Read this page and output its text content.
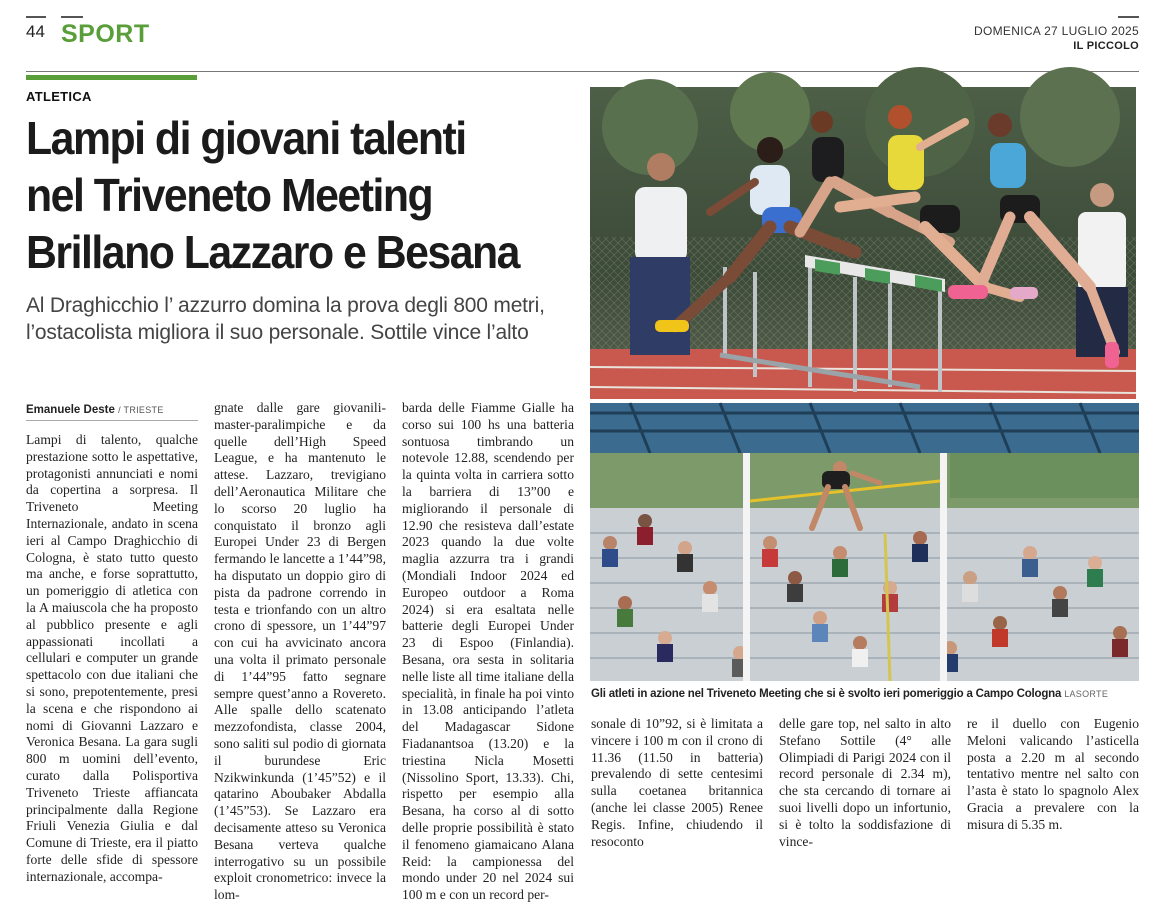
44 SPORT	DOMENICA 27 LUGLIO 2025
IL PICCOLO
ATLETICA
Lampi di giovani talenti
nel Triveneto Meeting
Brillano Lazzaro e Besana
Al Draghicchio l’ azzurro domina la prova degli 800 metri,
l’ostacolista migliora il suo personale. Sottile vince l’alto
Emanuele Deste / TRIESTE
Lampi di talento, qualche prestazione sotto le aspettative, protagonisti annunciati e nomi da copertina a sorpresa. Il Triveneto Meeting Internazionale, andato in scena ieri al Campo Draghicchio di Cologna, è stato tutto questo ma anche, e forse soprattutto, un pomeriggio di atletica con la A maiuscola che ha proposto al pubblico presente e agli appassionati incollati a cellulari e computer un grande spettacolo con due italiani che si sono, prepotentemente, presi la scena e che rispondono ai nomi di Giovanni Lazzaro e Veronica Besana. La gara sugli 800 m uomini dell’evento, curato dalla Polisportiva Triveneto Trieste affiancata principalmente dalla Regione Friuli Venezia Giulia e dal Comune di Trieste, era il piatto forte delle sfide di spessore internazionale, accompa-
gnate dalle gare giovanili-master-paralimpiche e da quelle dell’High Speed League, e ha mantenuto le attese. Lazzaro, trevigiano dell’Aeronautica Militare che lo scorso 20 luglio ha conquistato il bronzo agli Europei Under 23 di Bergen fermando le lancette a 1’44”98, ha disputato un doppio giro di pista da padrone correndo in testa e trionfando con un altro crono di spessore, un 1’44”97 con cui ha avvicinato ancora una volta il primato personale di 1’44”95 fatto segnare sempre quest’anno a Rovereto. Alle spalle dello scatenato mezzofondista, classe 2004, sono saliti sul podio di giornata il burundese Eric Nzikwinkunda (1’45”52) e il qatarino Aboubaker Abdalla (1’45”53). Se Lazzaro era decisamente atteso su Veronica Besana verteva qualche interrogativo su un possibile exploit cronometrico: invece la lom-
barda delle Fiamme Gialle ha corso sui 100 hs una batteria sontuosa timbrando un notevole 12.88, scendendo per la quinta volta in carriera sotto la barriera di 13”00 e migliorando il personale di 12.90 che resisteva dall’estate 2023 quando la due volte maglia azzurra tra i grandi (Mondiali Indoor 2024 ed Europeo outdoor a Roma 2024) si era esaltata nelle batterie degli Europei Under 23 di Espoo (Finlandia). Besana, ora sesta in solitaria nelle liste all time italiane della specialità, in finale ha poi vinto in 13.08 anticipando l’atleta del Madagascar Sidone Fiadanantsoa (13.20) e la triestina Nicla Mosetti (Nissolino Sport, 13.33). Chi, rispetto per esempio alla Besana, ha corso al di sotto delle proprie possibilità è stato il fenomeno giamaicano Alana Reid: la campionessa del mondo under 20 nel 2024 sui 100 m e con un record per-
sonale di 10”92, si è limitata a vincere i 100 m con il crono di 11.36 (11.50 in batteria) prevalendo di sette centesimi sulla coetanea britannica (anche lei classe 2005) Renee Regis. Infine, chiudendo il resoconto
delle gare top, nel salto in alto Stefano Sottile (4° alle Olimpiadi di Parigi 2024 con il record personale di 2.34 m), che sta cercando di tornare ai suoi livelli dopo un infortunio, si è tolto la soddisfazione di vince-
re il duello con Eugenio Meloni valicando l’asticella posta a 2.20 m al secondo tentativo mentre nel salto con l’asta è stato lo spagnolo Alex Gracia a prevalere con la misura di 5.35 m.
Gli atleti in azione nel Triveneto Meeting che si è svolto ieri pomeriggio a Campo Cologna LASORTE
